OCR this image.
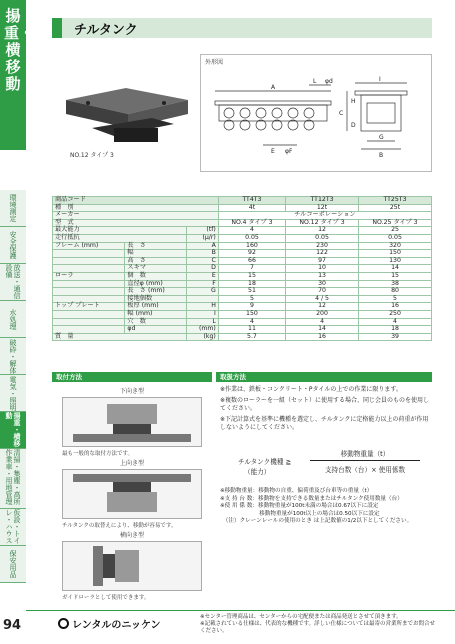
揚重・横移動
環境測定
安全保護
放送・通信設備
水処理
破砕・解体
電気・照明
揚重・横移動
清掃・集塵・高所作業車・用地管理
仮設・トイレ・ハウス
保安用品
94
チルタンク
NO.12 タイプ 3
外形図
A
L φd	I
C
H
D
E φF
G
B
商品コード			TT4T3	TT12T3	TT25T3
種　別			4t	12t	25t
メーカー			チルコーポレーション		
型　式			NO.4 タイプ 3	NO.12 タイプ 3	NO.25 タイプ 3
最大能力		(tf)	4	12	25
走行抵抗		(μ/r)	0.05	0.05	0.05
フレーム (mm)	長　さ	A	160	230	320
	幅	B	92	122	150
	高　さ	C	66	97	130
	スキマ	D	7	10	14
ローラ	個　数	E	15	13	15
	直径φ (mm)	F	18	30	38
	長　さ (mm)	G	51	70	80
	接地個数		5	4 / 5	5
トップ プレート	板厚 (mm)	H	9	12	16
	幅 (mm)	I	150	200	250
	穴　数	L	4	4	4
	φd	(mm)	11	14	18
質　量		(kg)	5.7	16	39
取付方法
下向き型
最も一般的な取付方法です。
上向き型
チルタンクの取替えにより、移動が容易です。
横向き型
ガイドローラとして使用できます。
取扱方法

※作業は、鉄板・コンクリート・Pタイルの上での作業に限ります。

※複数のローラーを一組（セット）に使用する場合、同じ会員のものを使用してください。

※下記計算式を基準に機種を選定し、チルタンクに定格能力以上の荷重が作用しないようにしてください。

チルタンク機種 ≧
（能力）
移動物重量（t）
支持台数（台）× 使用係数
※移動物重量：移動物の自重、偏荷重及び台車等の重量（t）
※支 持 台 数：移動物を支持できる数量またはチルタンク使用数量（台）
※使 用 係 数：移動物重量が100t未満の場合は0.67以下に設定
　　　　　　　移動物重量が100t以上の場合は0.50以下に設定
　（注）クレーンレールの使用のとき は上記数値の1/2以下としてください。
レンタルのニッケン
※センター管理商品は、センターからの宅配便または商品発送とさせて頂きます。
※記載されている仕様は、代表的な機種です。詳しい仕様については最寄の営業所までお問合せください。
